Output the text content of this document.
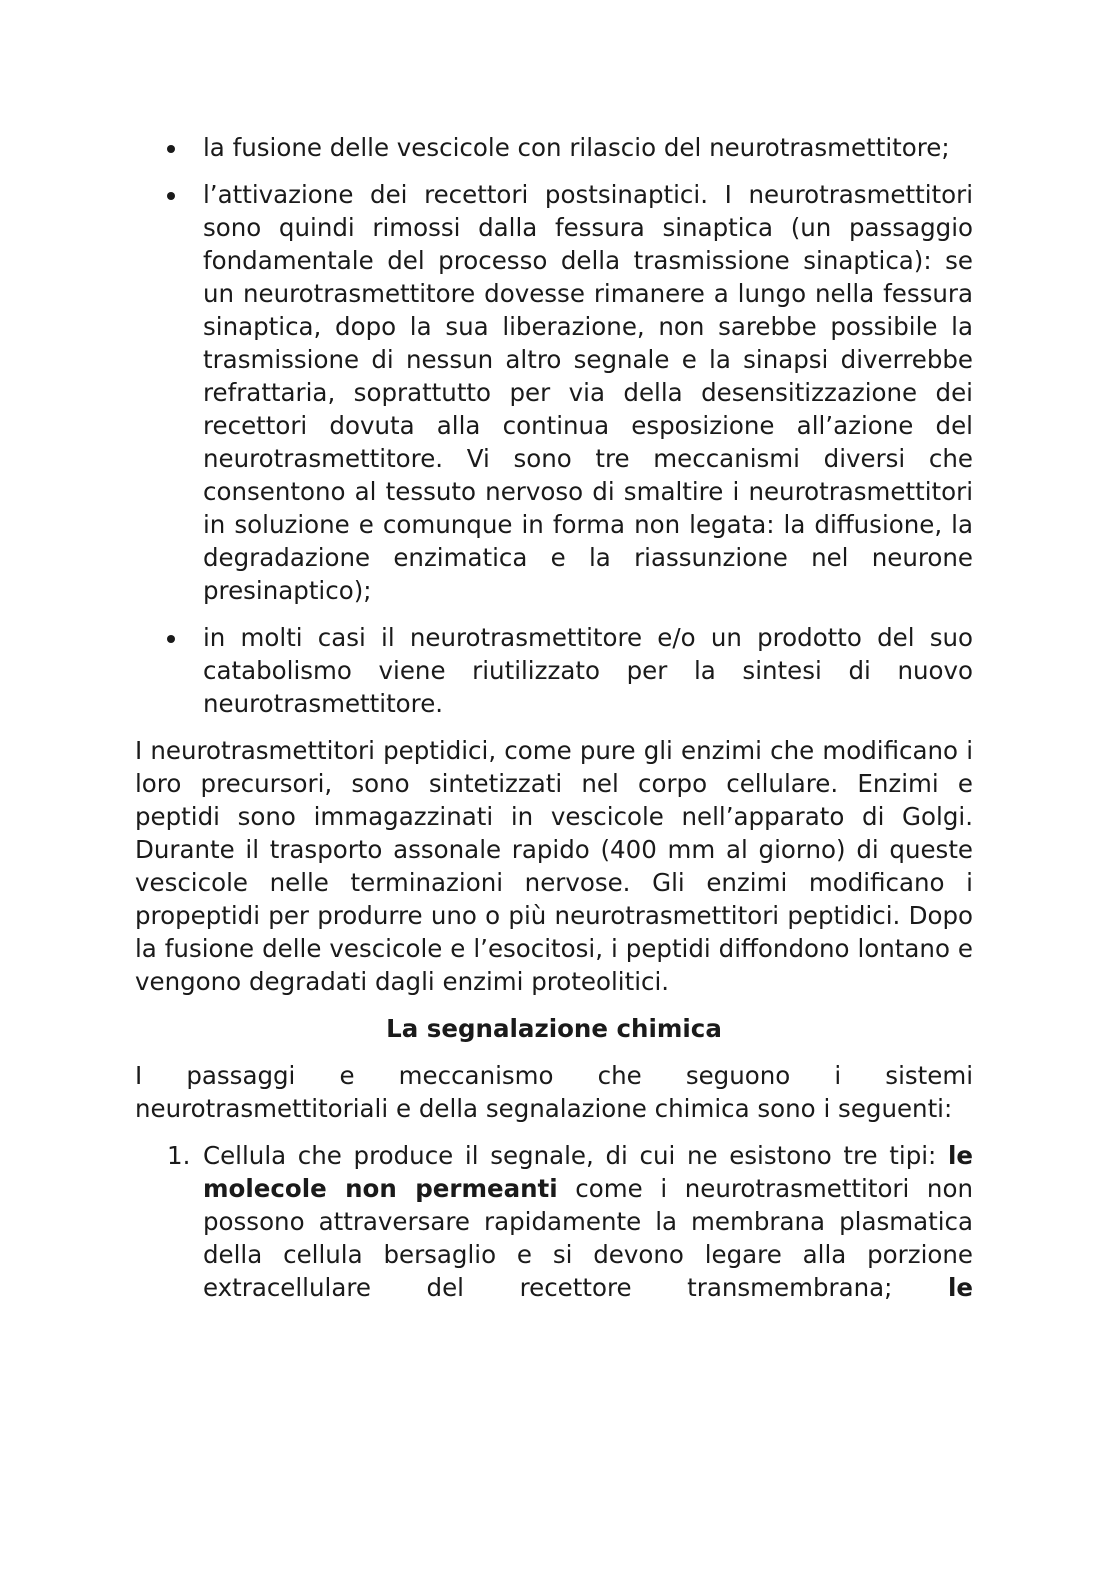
la fusione delle vescicole con rilascio del neurotrasmettitore;
l’attivazione dei recettori postsinaptici. I neurotrasmettitori sono quindi rimossi dalla fessura sinaptica (un passaggio fondamentale del processo della trasmissione sinaptica): se un neurotrasmettitore dovesse rimanere a lungo nella fessura sinaptica, dopo la sua liberazione, non sarebbe possibile la trasmissione di nessun altro segnale e la sinapsi diverrebbe refrattaria, soprattutto per via della desensitizzazione dei recettori dovuta alla continua esposizione all’azione del neurotrasmettitore. Vi sono tre meccanismi diversi che consentono al tessuto nervoso di smaltire i neurotrasmettitori in soluzione e comunque in forma non legata: la diffusione, la degradazione enzimatica e la riassunzione nel neurone presinaptico);
in molti casi il neurotrasmettitore e/o un prodotto del suo catabolismo viene riutilizzato per la sintesi di nuovo neurotrasmettitore.

I neurotrasmettitori peptidici, come pure gli enzimi che modificano i loro precursori, sono sintetizzati nel corpo cellulare. Enzimi e peptidi sono immagazzinati in vescicole nell’apparato di Golgi. Durante il trasporto assonale rapido (400 mm al giorno) di queste vescicole nelle terminazioni nervose. Gli enzimi modificano i propeptidi per produrre uno o più neurotrasmettitori peptidici. Dopo la fusione delle vescicole e l’esocitosi, i peptidi diffondono lontano e vengono degradati dagli enzimi proteolitici.

La segnalazione chimica

I passaggi e meccanismo che seguono i sistemi neurotrasmettitoriali e della segnalazione chimica sono i seguenti:

1. Cellula che produce il segnale, di cui ne esistono tre tipi: le molecole non permeanti come i neurotrasmettitori non possono attraversare rapidamente la membrana plasmatica della cellula bersaglio e si devono legare alla porzione extracellulare del recettore transmembrana; le
